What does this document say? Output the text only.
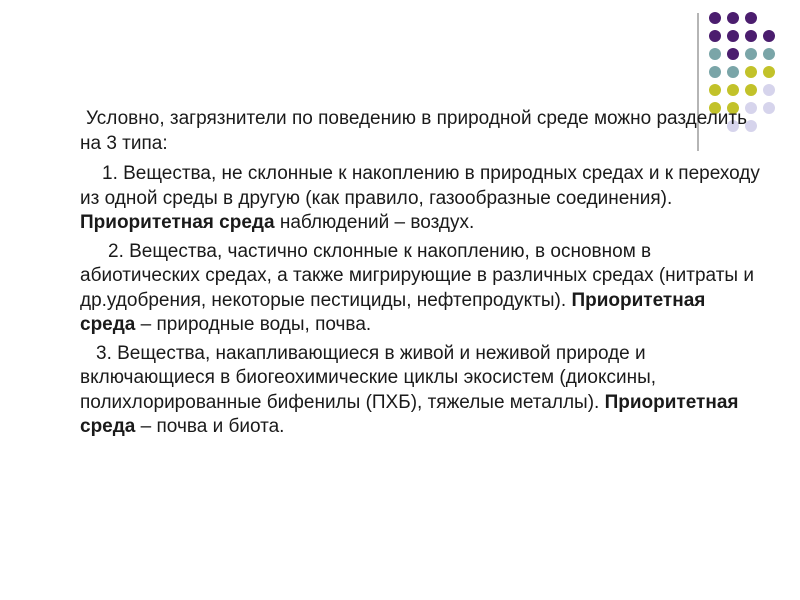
Условно, загрязнители по поведению в природной среде можно разделить на 3 типа:

1. Вещества, не склонные к накоплению в природных средах и к переходу из одной среды в другую (как правило, газообразные соединения). Приоритетная среда наблюдений – воздух.

2. Вещества, частично склонные к накоплению, в основном в абиотических средах, а также мигрирующие в различных средах (нитраты и др.удобрения, некоторые пестициды, нефтепродукты). Приоритетная среда – природные воды, почва.

3. Вещества, накапливающиеся в живой и неживой природе и включающиеся в биогеохимические циклы экосистем (диоксины, полихлорированные бифенилы (ПХБ), тяжелые металлы). Приоритетная среда – почва и биота.
